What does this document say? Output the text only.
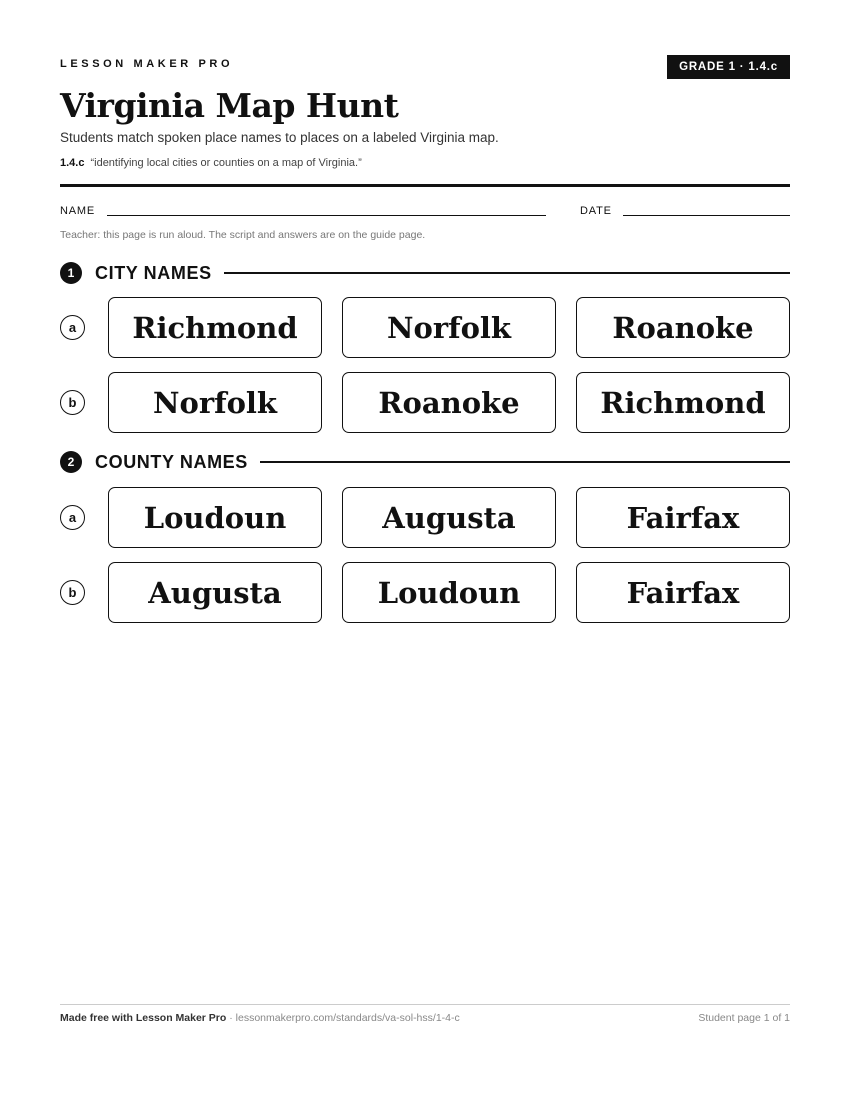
LESSON MAKER PRO	GRADE 1 · 1.4.c
Virginia Map Hunt
Students match spoken place names to places on a labeled Virginia map.
1.4.c “identifying local cities or counties on a map of Virginia.”
NAME	DATE
Teacher: this page is run aloud. The script and answers are on the guide page.
1	CITY NAMES
a	Richmond	Norfolk	Roanoke
b	Norfolk	Roanoke	Richmond
2	COUNTY NAMES
a	Loudoun	Augusta	Fairfax
b	Augusta	Loudoun	Fairfax
Made free with Lesson Maker Pro · lessonmakerpro.com/standards/va-sol-hss/1-4-c	Student page 1 of 1
